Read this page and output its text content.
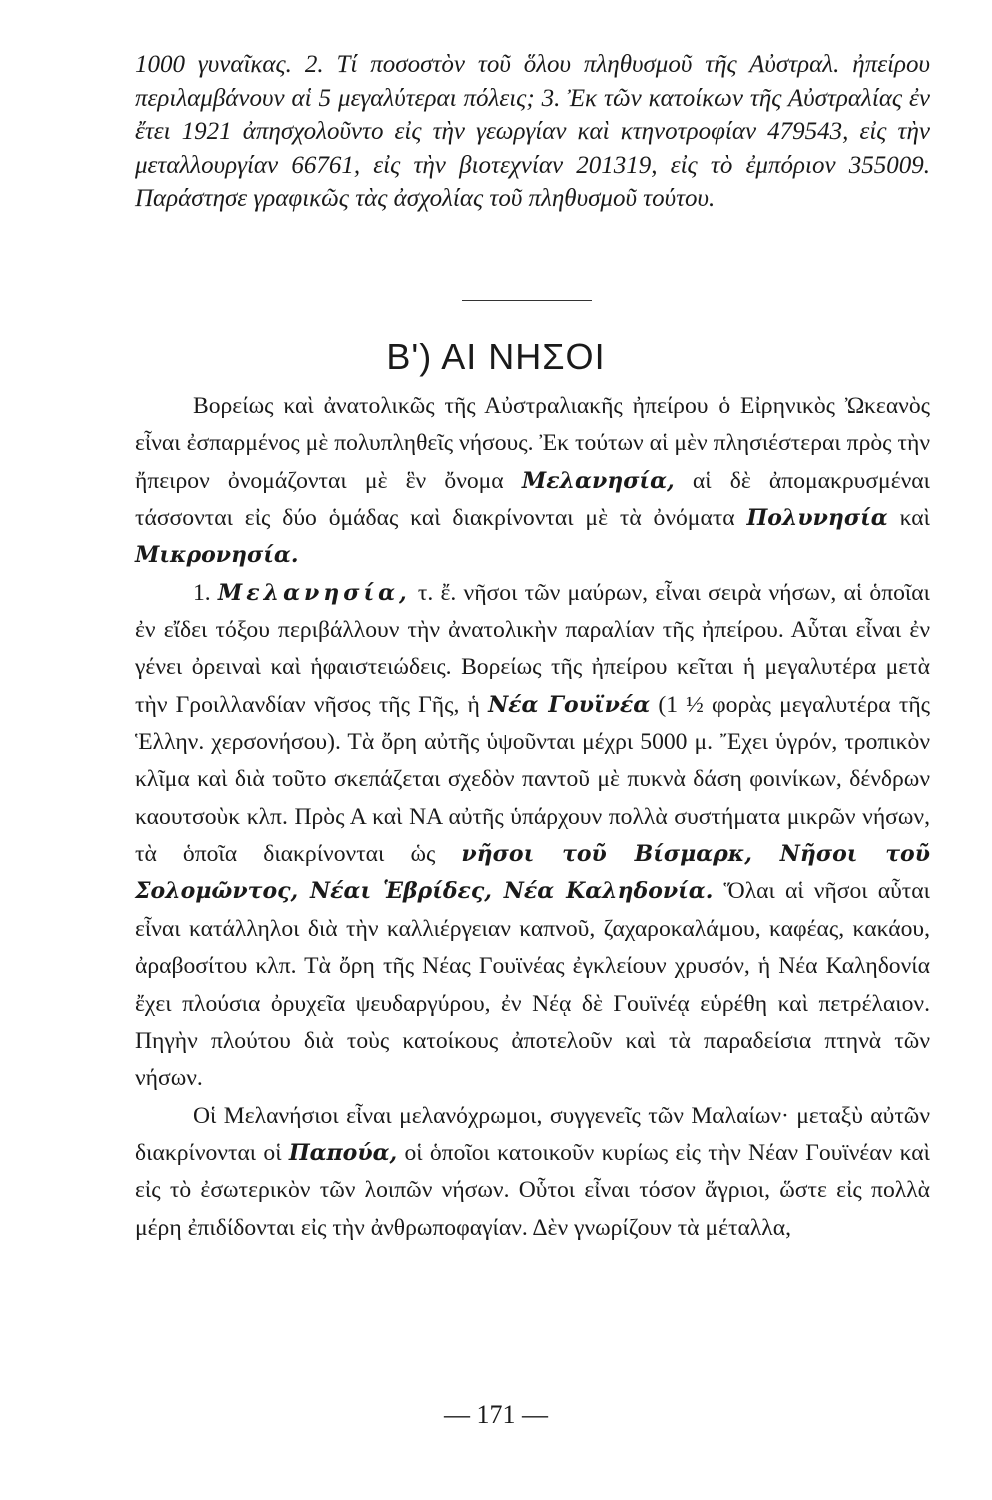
1000 γυναῖκας. 2. Τί ποσοστὸν τοῦ ὅλου πληθυσμοῦ τῆς Αὐστραλ. ἠπείρου περιλαμβάνουν αἱ 5 μεγαλύτεραι πόλεις; 3. Ἐκ τῶν κατοίκων τῆς Αὐστραλίας ἐν ἔτει 1921 ἀπησχολοῦντο εἰς τὴν γεωργίαν καὶ κτηνοτροφίαν 479543, εἰς τὴν μεταλλουργίαν 66761, εἰς τὴν βιοτεχνίαν 201319, εἰς τὸ ἐμπόριον 355009. Παράστησε γραφικῶς τὰς ἀσχολίας τοῦ πληθυσμοῦ τούτου.
Β') ΑΙ ΝΗΣΟΙ

Βορείως καὶ ἀνατολικῶς τῆς Αὐστραλιακῆς ἠπείρου ὁ Εἰρηνικὸς Ὠκεανὸς εἶναι ἐσπαρμένος μὲ πολυπληθεῖς νήσους. Ἐκ τούτων αἱ μὲν πλησιέστεραι πρὸς τὴν ἤπειρον ὀνομάζονται μὲ ἓν ὄνομα Μελανησία, αἱ δὲ ἀπομακρυσμέναι τάσσονται εἰς δύο ὁμάδας καὶ διακρίνονται μὲ τὰ ὀνόματα Πολυνησία καὶ Μικρονησία.

1. Μελανησία, τ. ἔ. νῆσοι τῶν μαύρων, εἶναι σειρὰ νήσων, αἱ ὁποῖαι ἐν εἴδει τόξου περιβάλλουν τὴν ἀνατολικὴν παραλίαν τῆς ἠπείρου. Αὗται εἶναι ἐν γένει ὀρειναὶ καὶ ἡφαιστειώδεις. Βορείως τῆς ἠπείρου κεῖται ἡ μεγαλυτέρα μετὰ τὴν Γροιλλανδίαν νῆσος τῆς Γῆς, ἡ Νέα Γουϊνέα (1 ½ φορὰς μεγαλυτέρα τῆς Ἑλλην. χερσονήσου). Τὰ ὄρη αὐτῆς ὑψοῦνται μέχρι 5000 μ. Ἔχει ὑγρόν, τροπικὸν κλῖμα καὶ διὰ τοῦτο σκεπάζεται σχεδὸν παντοῦ μὲ πυκνὰ δάση φοινίκων, δένδρων καουτσοὺκ κλπ. Πρὸς Α καὶ ΝΑ αὐτῆς ὑπάρχουν πολλὰ συστήματα μικρῶν νήσων, τὰ ὁποῖα διακρίνονται ὡς νῆσοι τοῦ Βίσμαρκ, Νῆσοι τοῦ Σολομῶντος, Νέαι Ἑβρίδες, Νέα Καληδονία. Ὅλαι αἱ νῆσοι αὗται εἶναι κατάλληλοι διὰ τὴν καλλιέργειαν καπνοῦ, ζαχαροκαλάμου, καφέας, κακάου, ἀραβοσίτου κλπ. Τὰ ὄρη τῆς Νέας Γουϊνέας ἐγκλείουν χρυσόν, ἡ Νέα Καληδονία ἔχει πλούσια ὀρυχεῖα ψευδαργύρου, ἐν Νέᾳ δὲ Γουϊνέᾳ εὑρέθη καὶ πετρέλαιον. Πηγὴν πλούτου διὰ τοὺς κατοίκους ἀποτελοῦν καὶ τὰ παραδείσια πτηνὰ τῶν νήσων.

Οἱ Μελανήσιοι εἶναι μελανόχρωμοι, συγγενεῖς τῶν Μαλαίων· μεταξὺ αὐτῶν διακρίνονται οἱ Παπούα, οἱ ὁποῖοι κατοικοῦν κυρίως εἰς τὴν Νέαν Γουϊνέαν καὶ εἰς τὸ ἐσωτερικὸν τῶν λοιπῶν νήσων. Οὗτοι εἶναι τόσον ἄγριοι, ὥστε εἰς πολλὰ μέρη ἐπιδίδονται εἰς τὴν ἀνθρωποφαγίαν. Δὲν γνωρίζουν τὰ μέταλλα,

— 171 —
